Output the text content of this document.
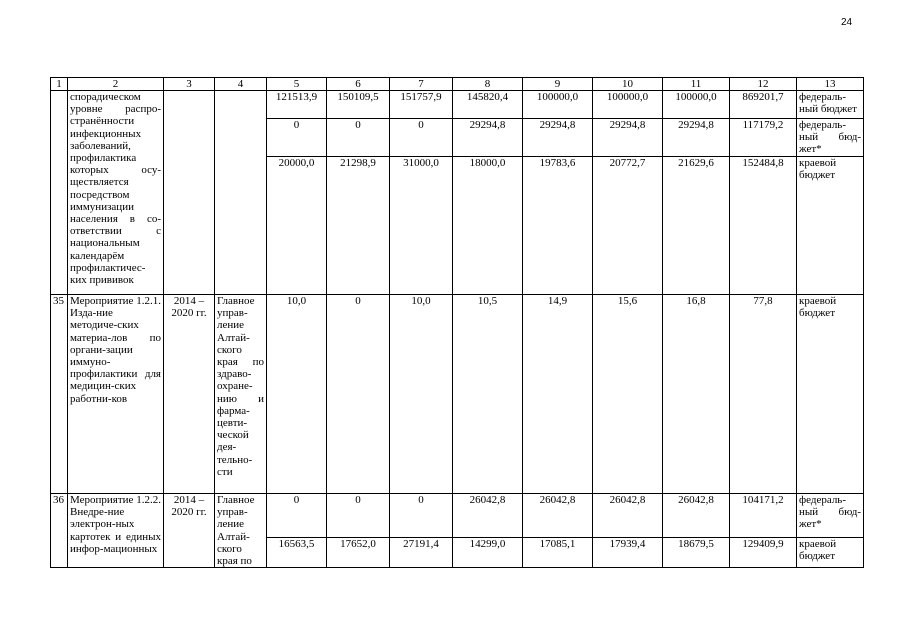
24
1	2	3	4	5	6	7	8	9	10	11	12	13
	спорадическом уровне распро-странённости инфекционных заболеваний, профилактика которых осу-ществляется посредством иммунизации населения в со-ответствии с национальным календарём профилактичес-ких прививок			121513,9	150109,5	151757,9	145820,4	100000,0	100000,0	100000,0	869201,7	федераль-ный бюджет
				0	0	0	29294,8	29294,8	29294,8	29294,8	117179,2	федераль-ный бюд-жет*
				20000,0	21298,9	31000,0	18000,0	19783,6	20772,7	21629,6	152484,8	краевой бюджет
35	Мероприятие 1.2.1. Изда-ние методиче-ских материа-лов по органи-зации иммуно-профилактики для медицин-ских работни-ков	2014 – 2020 гг.	Главное управ-ление Алтай-ского края по здраво-охране-нию и фарма-цевти-ческой дея-тельно-сти	10,0	0	10,0	10,5	14,9	15,6	16,8	77,8	краевой бюджет
36	Мероприятие 1.2.2. Внедре-ние электрон-ных картотек и единых инфор-мационных	2014 – 2020 гг.	Главное управ-ление Алтай-ского края по	0	0	0	26042,8	26042,8	26042,8	26042,8	104171,2	федераль-ный бюд-жет*
				16563,5	17652,0	27191,4	14299,0	17085,1	17939,4	18679,5	129409,9	краевой бюджет
